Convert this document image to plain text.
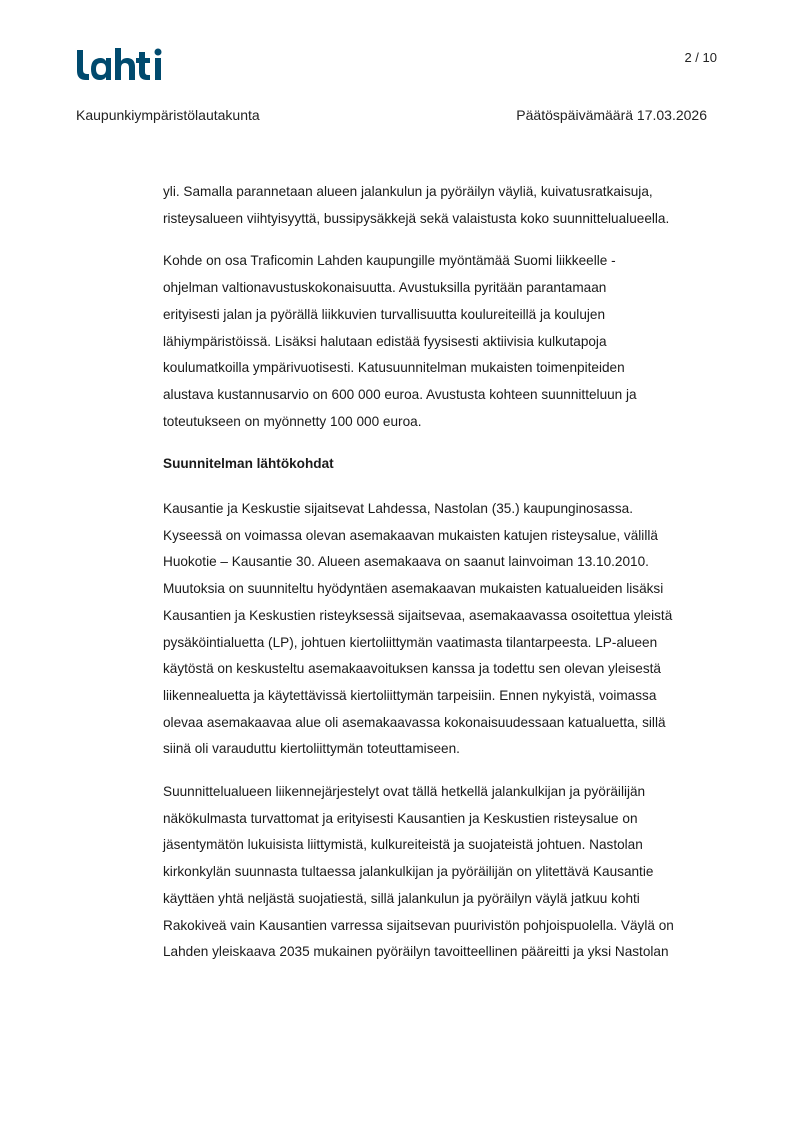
2 / 10
Kaupunkiympäristölautakunta	Päätöspäivämäärä 17.03.2026

yli. Samalla parannetaan alueen jalankulun ja pyöräilyn väyliä, kuivatusratkaisuja,
risteysalueen viihtyisyyttä, bussipysäkkejä sekä valaistusta koko suunnittelualueella.

Kohde on osa Traficomin Lahden kaupungille myöntämää Suomi liikkeelle -
ohjelman valtionavustuskokonaisuutta. Avustuksilla pyritään parantamaan
erityisesti jalan ja pyörällä liikkuvien turvallisuutta koulureiteillä ja koulujen
lähiympäristöissä. Lisäksi halutaan edistää fyysisesti aktiivisia kulkutapoja
koulumatkoilla ympärivuotisesti. Katusuunnitelman mukaisten toimenpiteiden
alustava kustannusarvio on 600 000 euroa. Avustusta kohteen suunnitteluun ja
toteutukseen on myönnetty 100 000 euroa.

Suunnitelman lähtökohdat

Kausantie ja Keskustie sijaitsevat Lahdessa, Nastolan (35.) kaupunginosassa.
Kyseessä on voimassa olevan asemakaavan mukaisten katujen risteysalue, välillä
Huokotie – Kausantie 30. Alueen asemakaava on saanut lainvoiman 13.10.2010.
Muutoksia on suunniteltu hyödyntäen asemakaavan mukaisten katualueiden lisäksi
Kausantien ja Keskustien risteyksessä sijaitsevaa, asemakaavassa osoitettua yleistä
pysäköintialuetta (LP), johtuen kiertoliittymän vaatimasta tilantarpeesta. LP-alueen
käytöstä on keskusteltu asemakaavoituksen kanssa ja todettu sen olevan yleisestä
liikennealuetta ja käytettävissä kiertoliittymän tarpeisiin. Ennen nykyistä, voimassa
olevaa asemakaavaa alue oli asemakaavassa kokonaisuudessaan katualuetta, sillä
siinä oli varauduttu kiertoliittymän toteuttamiseen.

Suunnittelualueen liikennejärjestelyt ovat tällä hetkellä jalankulkijan ja pyöräilijän
näkökulmasta turvattomat ja erityisesti Kausantien ja Keskustien risteysalue on
jäsentymätön lukuisista liittymistä, kulkureiteistä ja suojateistä johtuen. Nastolan
kirkonkylän suunnasta tultaessa jalankulkijan ja pyöräilijän on ylitettävä Kausantie
käyttäen yhtä neljästä suojatiestä, sillä jalankulun ja pyöräilyn väylä jatkuu kohti
Rakokiveä vain Kausantien varressa sijaitsevan puurivistön pohjoispuolella. Väylä on
Lahden yleiskaava 2035 mukainen pyöräilyn tavoitteellinen pääreitti ja yksi Nastolan
